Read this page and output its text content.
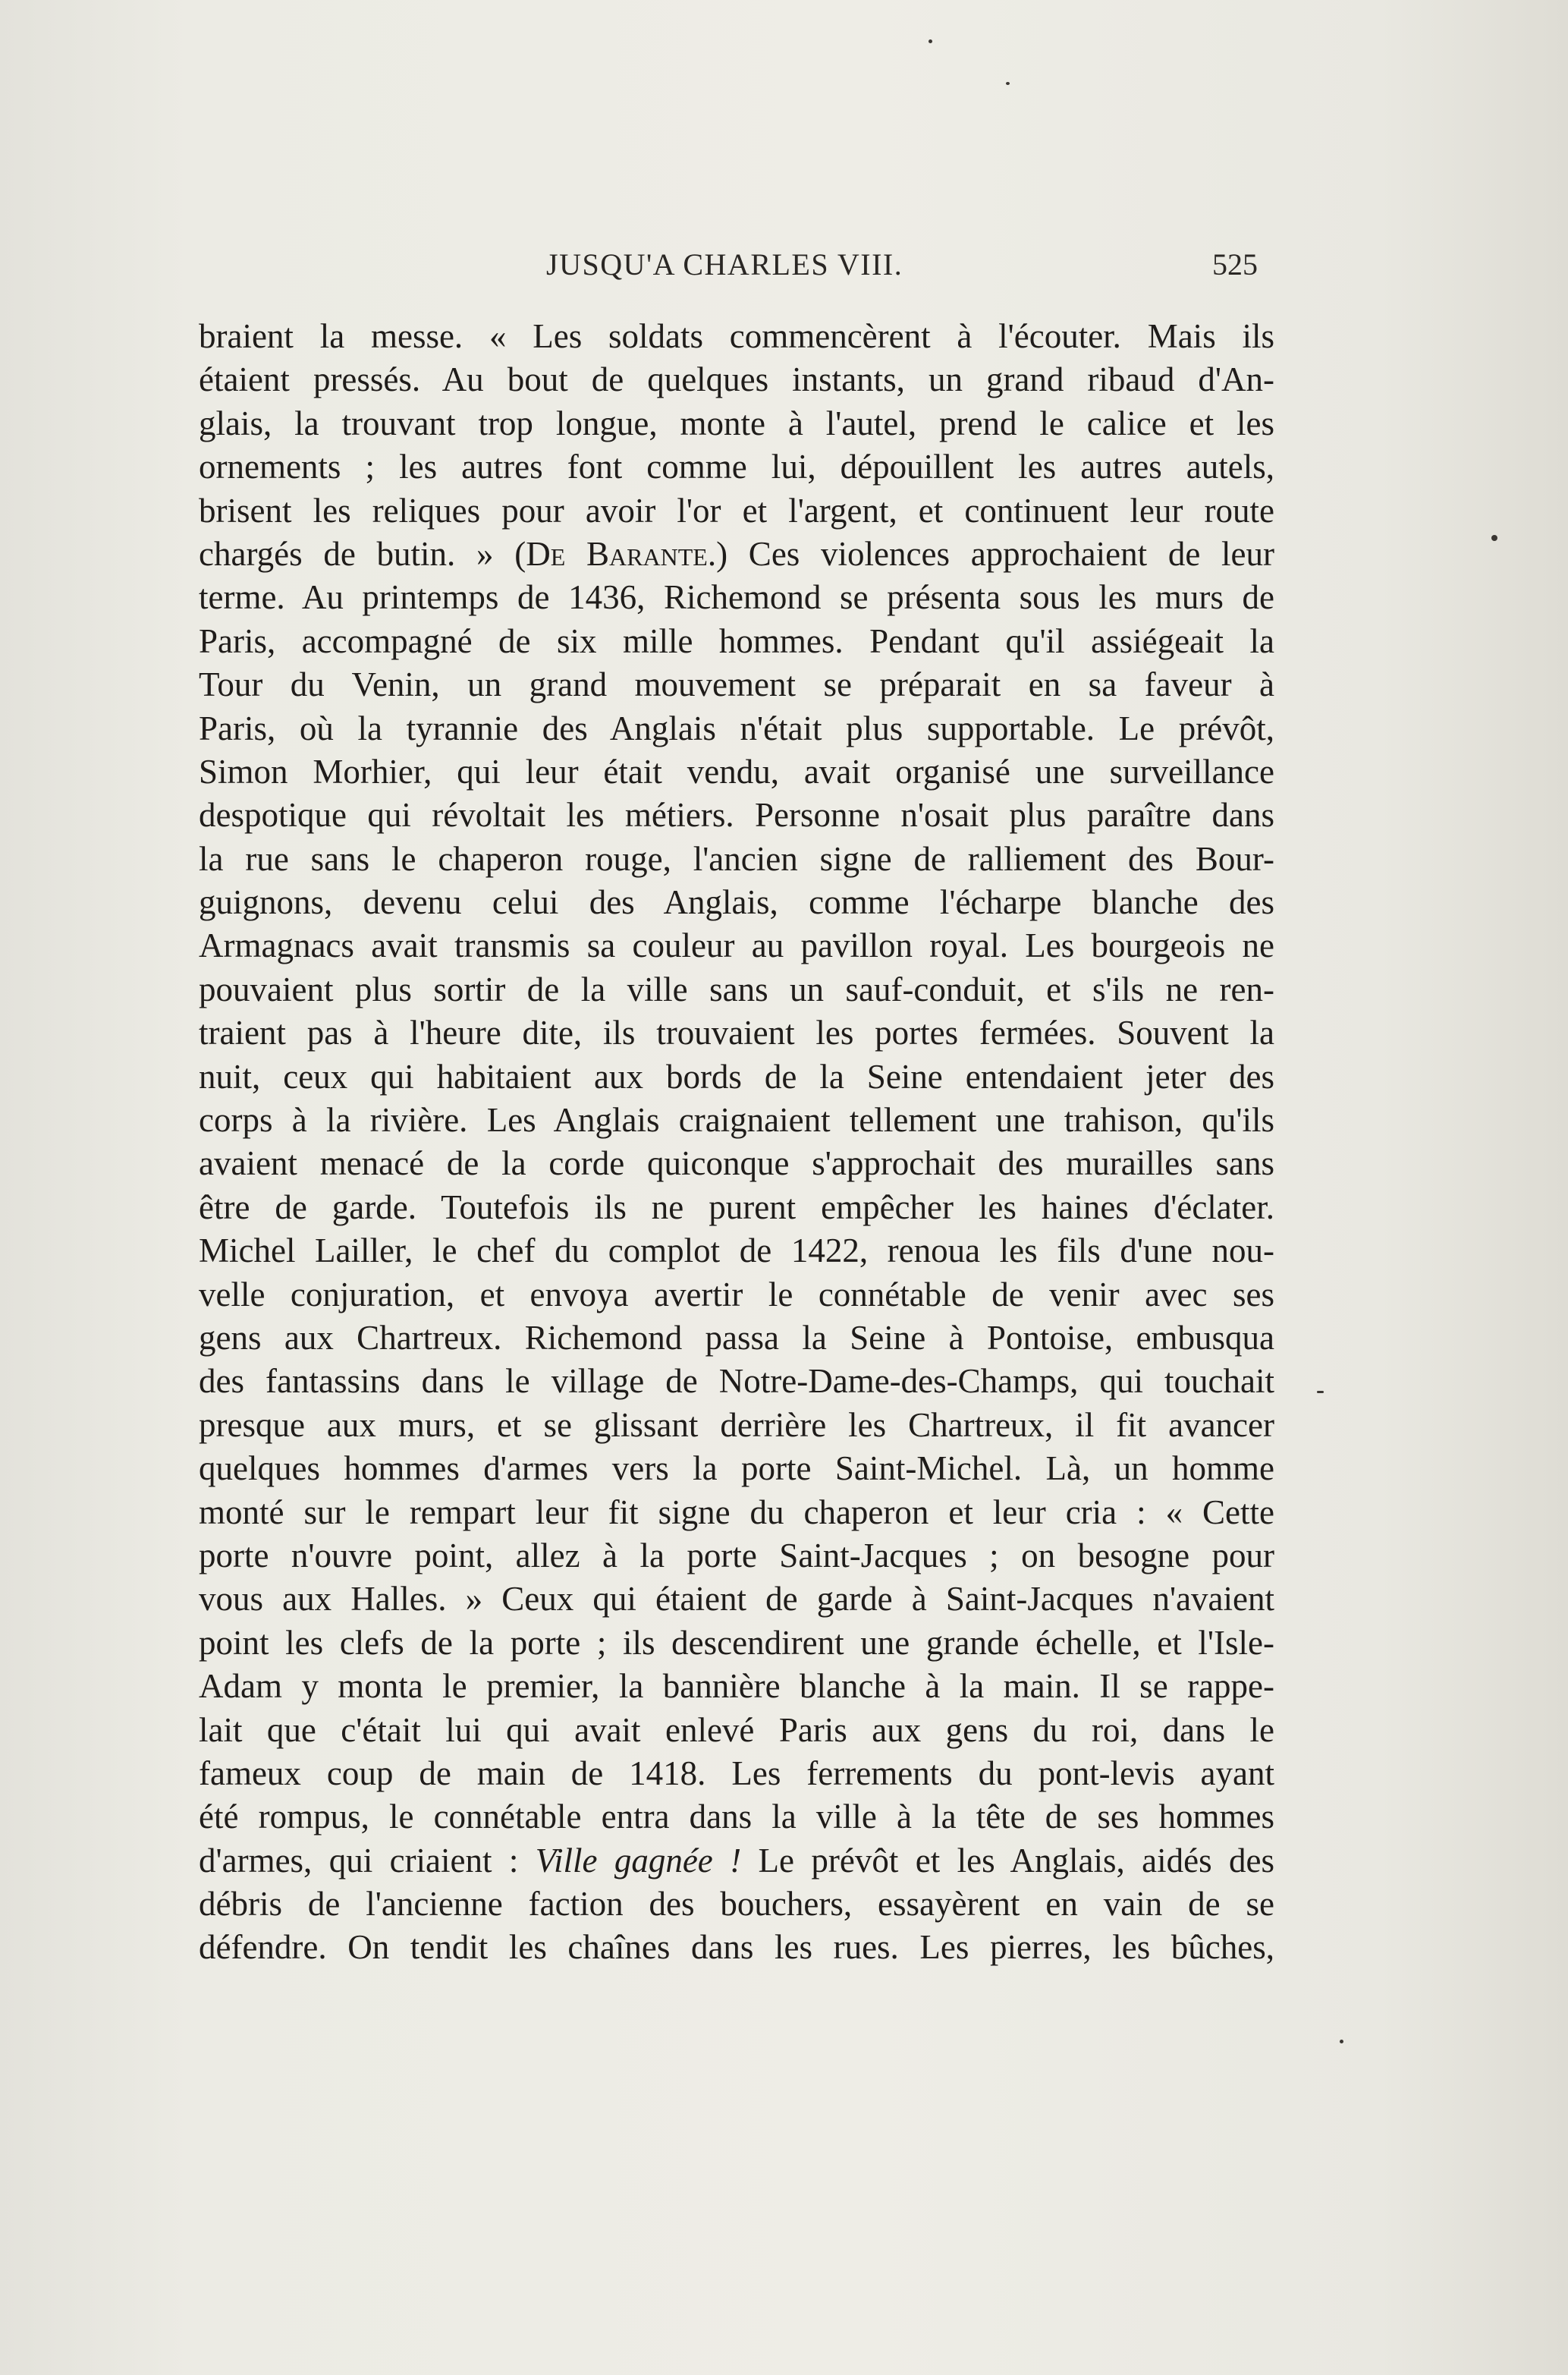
JUSQU'A CHARLES VIII.	525
braient la messe. « Les soldats commencèrent à l'écouter. Mais ils
étaient pressés. Au bout de quelques instants, un grand ribaud d'An-
glais, la trouvant trop longue, monte à l'autel, prend le calice et les
ornements ; les autres font comme lui, dépouillent les autres autels,
brisent les reliques pour avoir l'or et l'argent, et continuent leur route
chargés de butin. » (De Barante.) Ces violences approchaient de leur
terme. Au printemps de 1436, Richemond se présenta sous les murs de
Paris, accompagné de six mille hommes. Pendant qu'il assiégeait la
Tour du Venin, un grand mouvement se préparait en sa faveur à
Paris, où la tyrannie des Anglais n'était plus supportable. Le prévôt,
Simon Morhier, qui leur était vendu, avait organisé une surveillance
despotique qui révoltait les métiers. Personne n'osait plus paraître dans
la rue sans le chaperon rouge, l'ancien signe de ralliement des Bour-
guignons, devenu celui des Anglais, comme l'écharpe blanche des
Armagnacs avait transmis sa couleur au pavillon royal. Les bourgeois ne
pouvaient plus sortir de la ville sans un sauf-conduit, et s'ils ne ren-
traient pas à l'heure dite, ils trouvaient les portes fermées. Souvent la
nuit, ceux qui habitaient aux bords de la Seine entendaient jeter des
corps à la rivière. Les Anglais craignaient tellement une trahison, qu'ils
avaient menacé de la corde quiconque s'approchait des murailles sans
être de garde. Toutefois ils ne purent empêcher les haines d'éclater.
Michel Lailler, le chef du complot de 1422, renoua les fils d'une nou-
velle conjuration, et envoya avertir le connétable de venir avec ses
gens aux Chartreux. Richemond passa la Seine à Pontoise, embusqua
des fantassins dans le village de Notre-Dame-des-Champs, qui touchait
presque aux murs, et se glissant derrière les Chartreux, il fit avancer
quelques hommes d'armes vers la porte Saint-Michel. Là, un homme
monté sur le rempart leur fit signe du chaperon et leur cria : « Cette
porte n'ouvre point, allez à la porte Saint-Jacques ; on besogne pour
vous aux Halles. » Ceux qui étaient de garde à Saint-Jacques n'avaient
point les clefs de la porte ; ils descendirent une grande échelle, et l'Isle-
Adam y monta le premier, la bannière blanche à la main. Il se rappe-
lait que c'était lui qui avait enlevé Paris aux gens du roi, dans le
fameux coup de main de 1418. Les ferrements du pont-levis ayant
été rompus, le connétable entra dans la ville à la tête de ses hommes
d'armes, qui criaient : Ville gagnée ! Le prévôt et les Anglais, aidés des
débris de l'ancienne faction des bouchers, essayèrent en vain de se
défendre. On tendit les chaînes dans les rues. Les pierres, les bûches,
